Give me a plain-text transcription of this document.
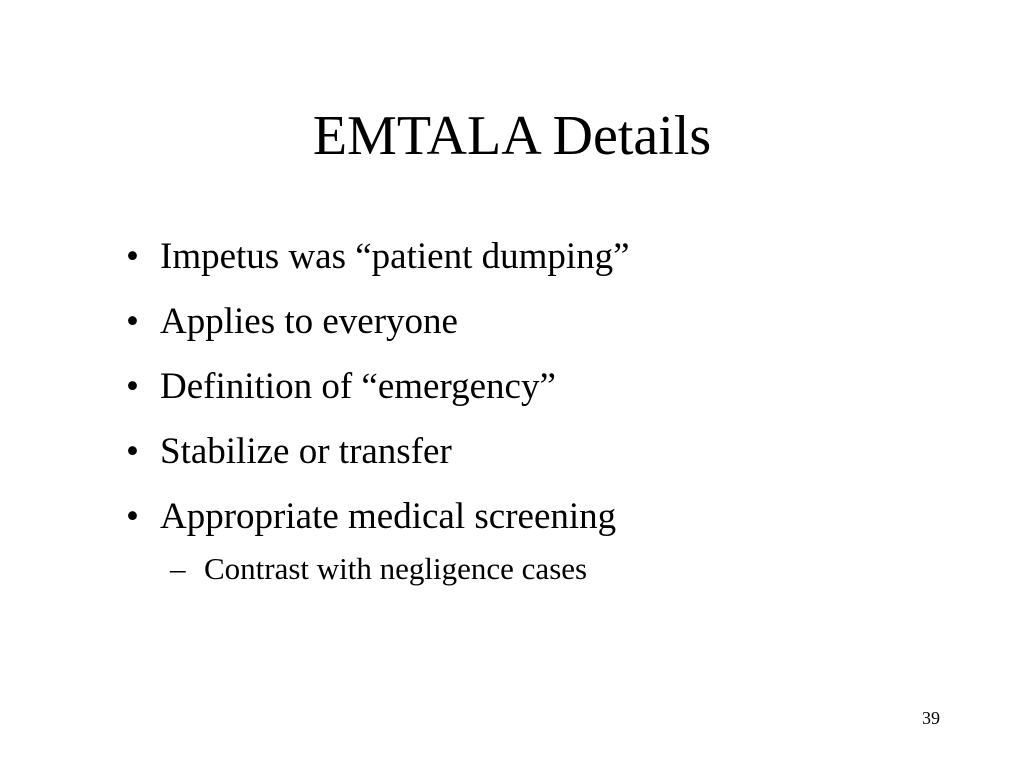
EMTALA Details
• Impetus was “patient dumping”
• Applies to everyone
• Definition of “emergency”
• Stabilize or transfer
• Appropriate medical screening
– Contrast with negligence cases
39
